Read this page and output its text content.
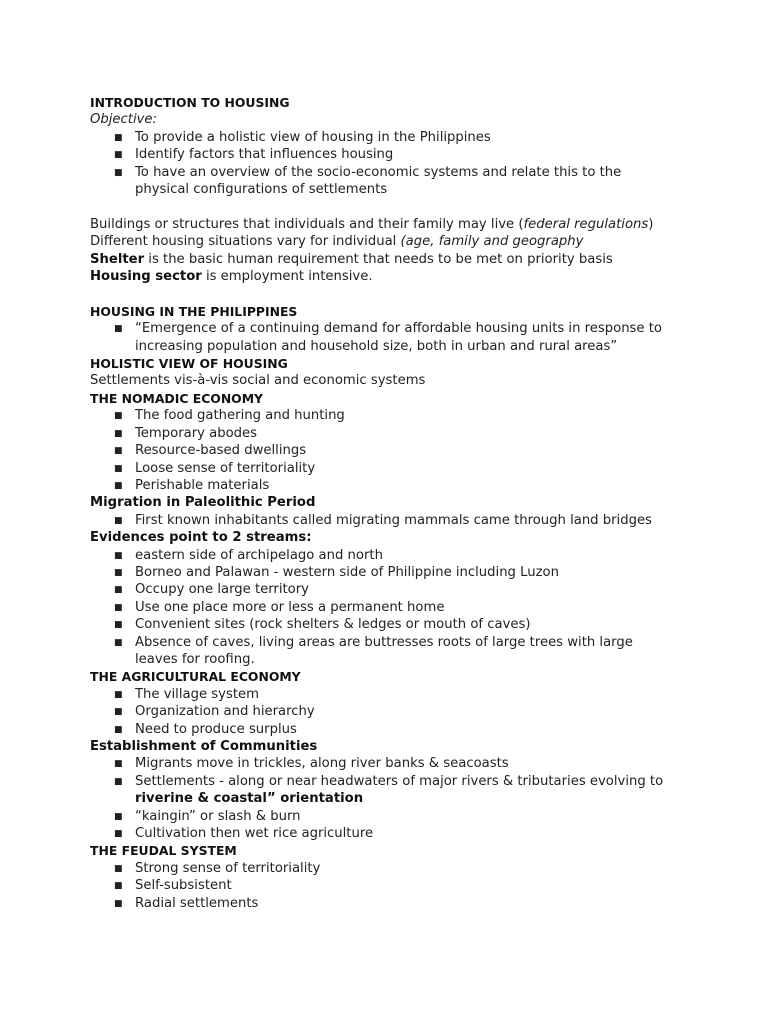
INTRODUCTION TO HOUSING
Objective:
■ To provide a holistic view of housing in the Philippines
■ Identify factors that influences housing
■ To have an overview of the socio-economic systems and relate this to the
physical configurations of settlements
Buildings or structures that individuals and their family may live (federal regulations)
Different housing situations vary for individual (age, family and geography
Shelter is the basic human requirement that needs to be met on priority basis
Housing sector is employment intensive.
HOUSING IN THE PHILIPPINES
■ “Emergence of a continuing demand for affordable housing units in response to
increasing population and household size, both in urban and rural areas”
HOLISTIC VIEW OF HOUSING
Settlements vis-à-vis social and economic systems
THE NOMADIC ECONOMY
■ The food gathering and hunting
■ Temporary abodes
■ Resource-based dwellings
■ Loose sense of territoriality
■ Perishable materials
Migration in Paleolithic Period
■ First known inhabitants called migrating mammals came through land bridges
Evidences point to 2 streams:
■ eastern side of archipelago and north
■ Borneo and Palawan - western side of Philippine including Luzon
■ Occupy one large territory
■ Use one place more or less a permanent home
■ Convenient sites (rock shelters & ledges or mouth of caves)
■ Absence of caves, living areas are buttresses roots of large trees with large
leaves for roofing.
THE AGRICULTURAL ECONOMY
■ The village system
■ Organization and hierarchy
■ Need to produce surplus
Establishment of Communities
■ Migrants move in trickles, along river banks & seacoasts
■ Settlements - along or near headwaters of major rivers & tributaries evolving to
riverine & coastal” orientation
■ “kaingin” or slash & burn
■ Cultivation then wet rice agriculture
THE FEUDAL SYSTEM
■ Strong sense of territoriality
■ Self-subsistent
■ Radial settlements
